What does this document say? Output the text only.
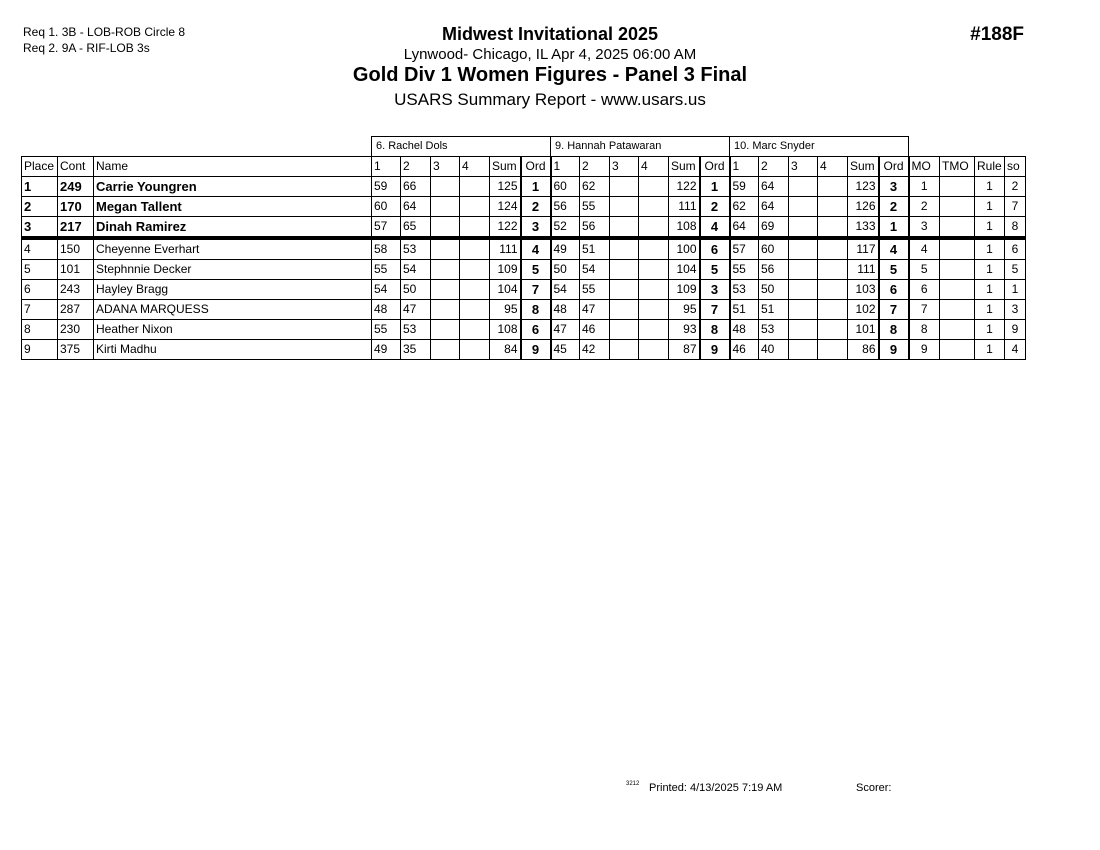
Req 1. 3B - LOB-ROB Circle 8
Req 2. 9A - RIF-LOB 3s
Midwest Invitational 2025
Lynwood- Chicago, IL Apr 4, 2025 06:00 AM
Gold Div 1 Women Figures - Panel 3 Final
USARS Summary Report - www.usars.us
#188F
			6. Rachel Dols						9. Hannah Patawaran						10. Marc Snyder									
Place	Cont	Name	1	2	3	4	Sum	Ord	1	2	3	4	Sum	Ord	1	2	3	4	Sum	Ord	MO	TMO	Rule	so
1	249	Carrie Youngren	59	66			125	1	60	62			122	1	59	64			123	3	1		1	2
2	170	Megan Tallent	60	64			124	2	56	55			111	2	62	64			126	2	2		1	7
3	217	Dinah Ramirez	57	65			122	3	52	56			108	4	64	69			133	1	3		1	8
4	150	Cheyenne Everhart	58	53			111	4	49	51			100	6	57	60			117	4	4		1	6
5	101	Stephnnie Decker	55	54			109	5	50	54			104	5	55	56			111	5	5		1	5
6	243	Hayley Bragg	54	50			104	7	54	55			109	3	53	50			103	6	6		1	1
7	287	ADANA MARQUESS	48	47			95	8	48	47			95	7	51	51			102	7	7		1	3
8	230	Heather Nixon	55	53			108	6	47	46			93	8	48	53			101	8	8		1	9
9	375	Kirti Madhu	49	35			84	9	45	42			87	9	46	40			86	9	9		1	4
3212 Printed: 4/13/2025 7:19 AM	Scorer:
